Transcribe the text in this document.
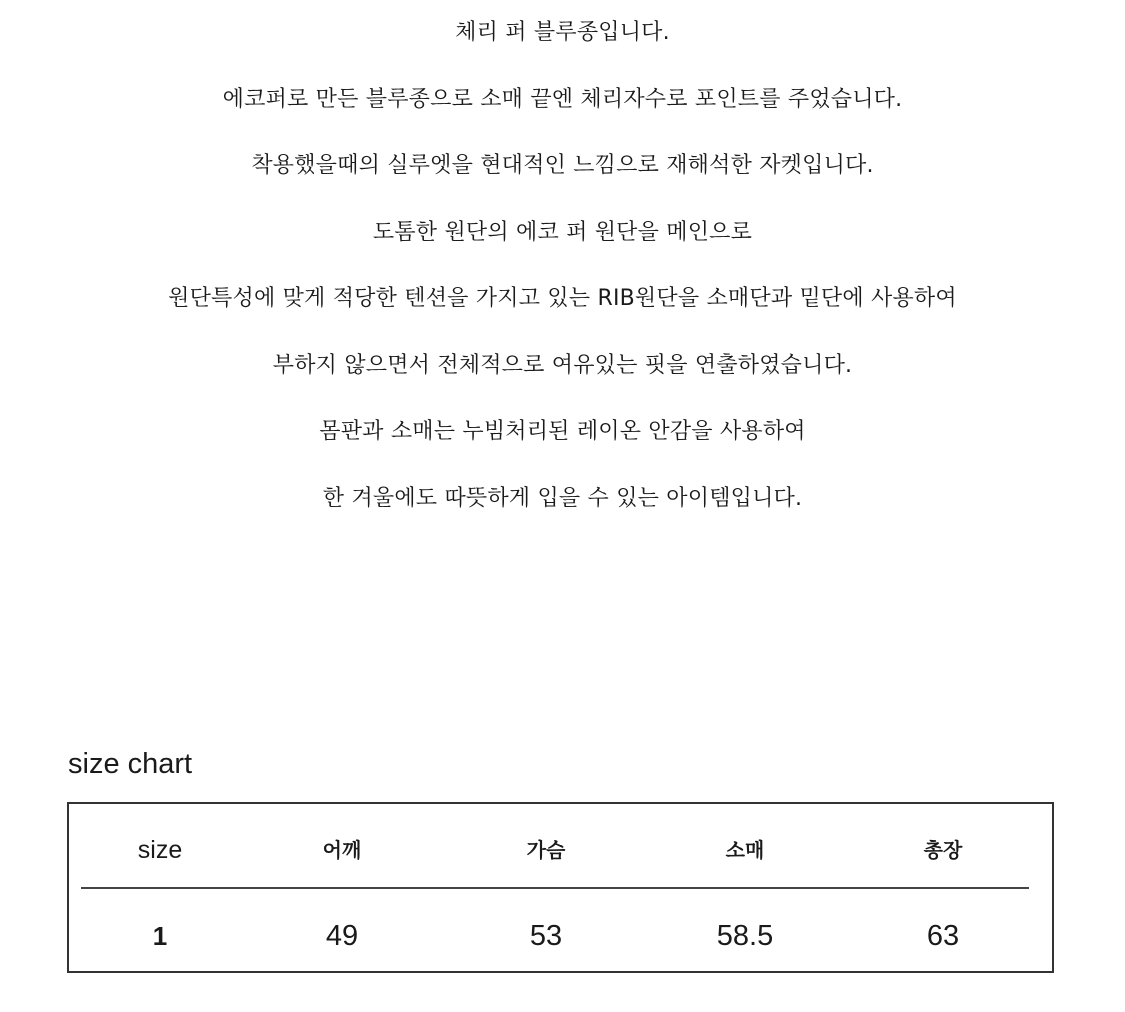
체리 퍼 블루종입니다.
에코퍼로 만든 블루종으로 소매 끝엔 체리자수로 포인트를 주었습니다.
착용했을때의 실루엣을 현대적인 느낌으로 재해석한 자켓입니다.
도톰한 원단의 에코 퍼 원단을 메인으로
원단특성에 맞게 적당한 텐션을 가지고 있는 RIB원단을 소매단과 밑단에 사용하여
부하지 않으면서 전체적으로 여유있는 핏을 연출하였습니다.
몸판과 소매는 누빔처리된 레이온 안감을 사용하여
한 겨울에도 따뜻하게 입을 수 있는 아이템입니다.
size chart
size	어깨	가슴	소매	총장
1	49	53	58.5	63
